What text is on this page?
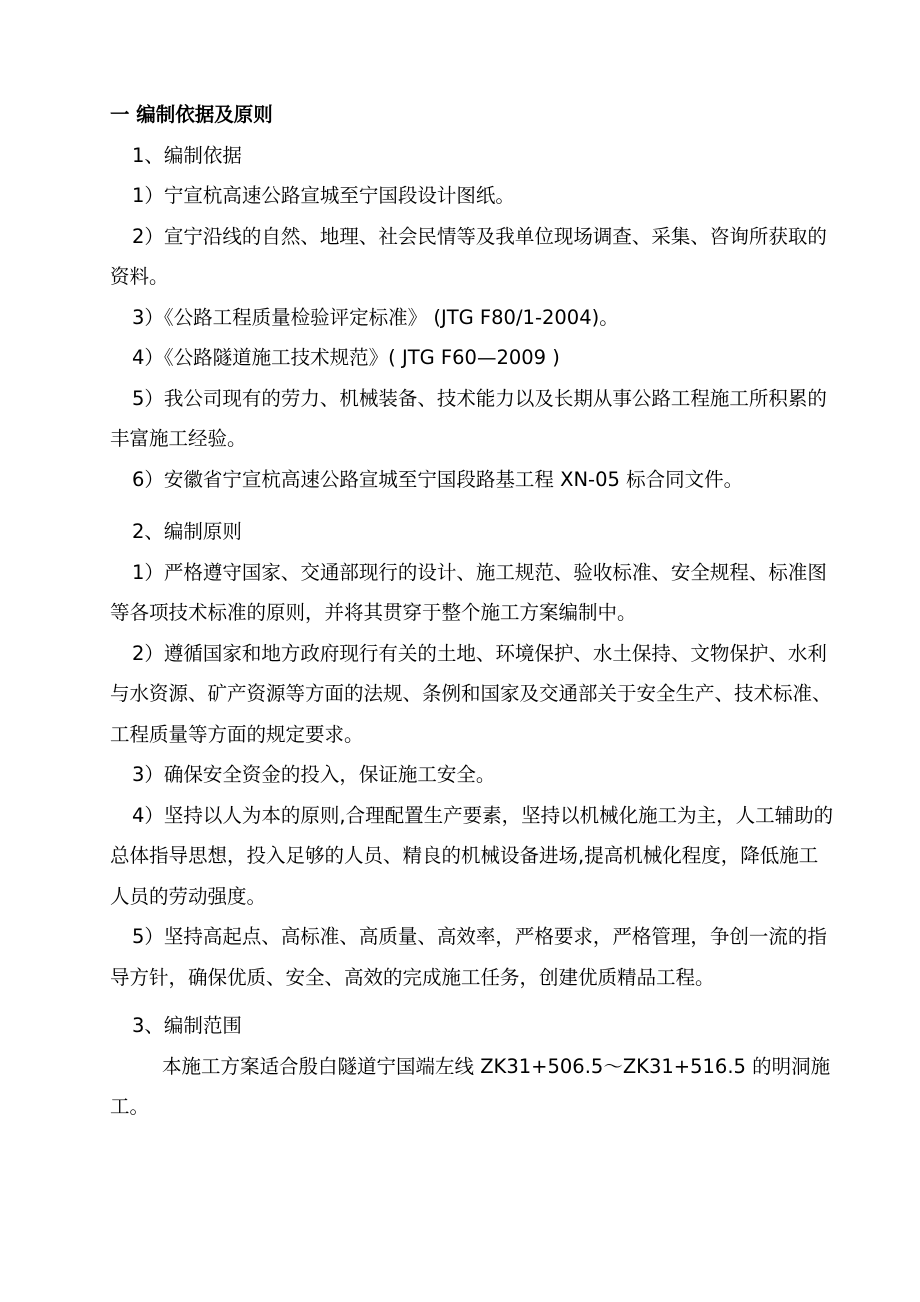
一 编制依据及原则

1、编制依据

1）宁宣杭高速公路宣城至宁国段设计图纸。

2）宣宁沿线的自然、地理、社会民情等及我单位现场调查、采集、咨询所获取的资料。

3）《公路工程质量检验评定标准》 (JTG F80/1-2004)。

4）《公路隧道施工技术规范》( JTG F60—2009 )

5）我公司现有的劳力、机械装备、技术能力以及长期从事公路工程施工所积累的丰富施工经验。

6）安徽省宁宣杭高速公路宣城至宁国段路基工程 XN-05 标合同文件。

2、编制原则

1）严格遵守国家、交通部现行的设计、施工规范、验收标准、安全规程、标准图等各项技术标准的原则，并将其贯穿于整个施工方案编制中。

2）遵循国家和地方政府现行有关的土地、环境保护、水土保持、文物保护、水利与水资源、矿产资源等方面的法规、条例和国家及交通部关于安全生产、技术标准、工程质量等方面的规定要求。

3）确保安全资金的投入，保证施工安全。

4）坚持以人为本的原则,合理配置生产要素，坚持以机械化施工为主，人工辅助的总体指导思想，投入足够的人员、精良的机械设备进场,提高机械化程度，降低施工人员的劳动强度。

5）坚持高起点、高标准、高质量、高效率，严格要求，严格管理，争创一流的指导方针，确保优质、安全、高效的完成施工任务，创建优质精品工程。

3、编制范围

本施工方案适合殷白隧道宁国端左线 ZK31+506.5～ZK31+516.5 的明洞施工。
